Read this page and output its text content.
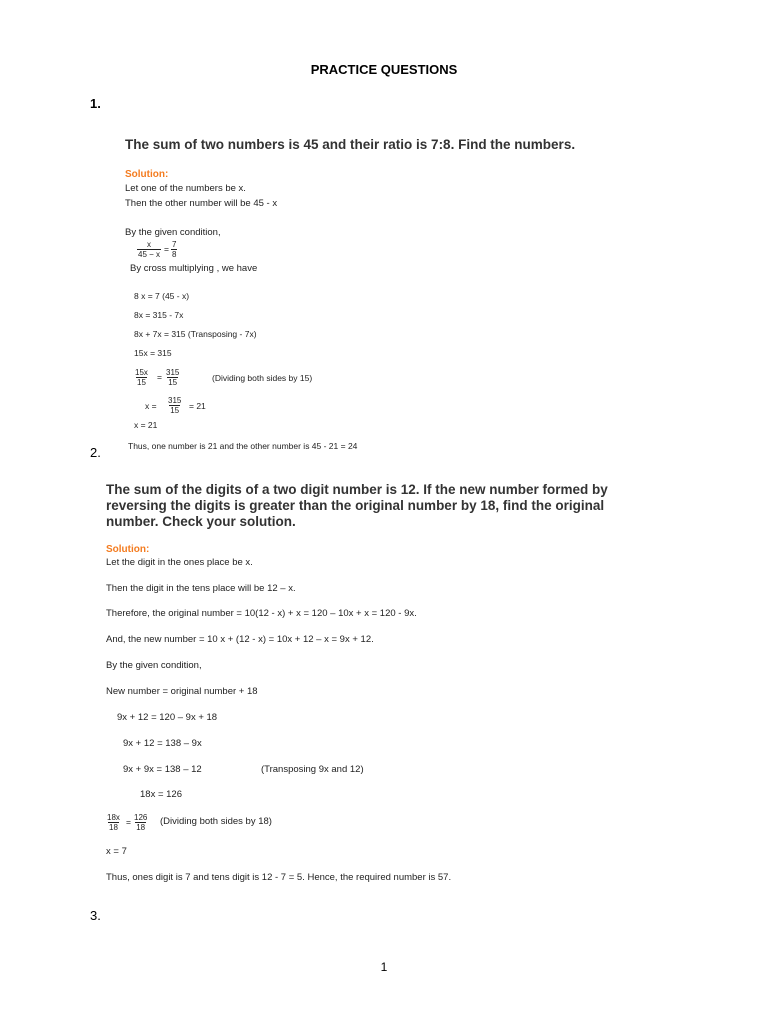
PRACTICE QUESTIONS
1.
The sum of two numbers is 45 and their ratio is 7:8. Find the numbers.
Solution:
Let one of the numbers be x.
Then the other number will be 45 - x
By the given condition,
$\frac{x}{45 - x} = \frac{7}{8}$
By cross multiplying , we have
8 x = 7 (45 - x)
8x = 315 - 7x
8x + 7x = 315 (Transposing - 7x)
15x = 315
$\frac{15x}{15} = \frac{315}{15}$	(Dividing both sides by 15)
$x = \frac{315}{15} = 21$
x = 21
Thus, one number is 21 and the other number is 45 - 21 = 24
2.
The sum of the digits of a two digit number is 12. If the new number formed by
reversing the digits is greater than the original number by 18, find the original
number. Check your solution.
Solution:
Let the digit in the ones place be x.
Then the digit in the tens place will be 12 – x.
Therefore, the original number = 10(12 - x) + x = 120 – 10x + x = 120 - 9x.
And, the new number = 10 x + (12 - x) = 10x + 12 – x = 9x + 12.
By the given condition,
New number = original number + 18
9x + 12 = 120 – 9x + 18
9x + 12 = 138 – 9x
9x + 9x = 138 – 12	(Transposing 9x and 12)
18x = 126
$\frac{18x}{18} = \frac{126}{18}$ (Dividing both sides by 18)
x = 7
Thus, ones digit is 7 and tens digit is 12 - 7 = 5. Hence, the required number is 57.
3.
1
